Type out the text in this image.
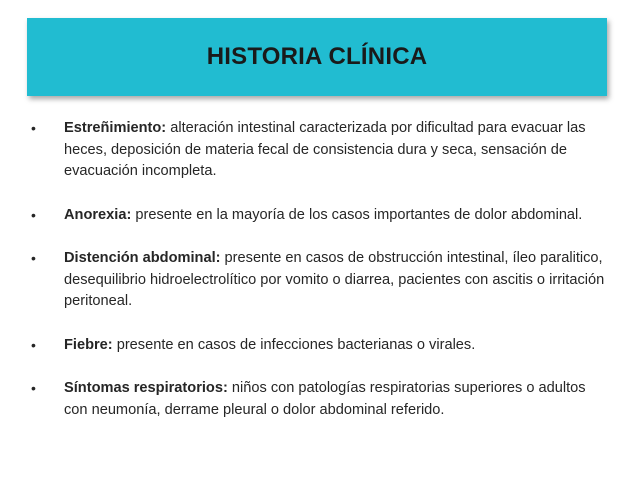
HISTORIA CLÍNICA
• Estreñimiento: alteración intestinal caracterizada por dificultad para evacuar las heces, deposición de materia fecal de consistencia dura y seca, sensación de evacuación incompleta.
• Anorexia: presente en la mayoría de los casos importantes de dolor abdominal.
• Distención abdominal: presente en casos de obstrucción intestinal, íleo paralitico, desequilibrio hidroelectrolítico por vomito o diarrea, pacientes con ascitis o irritación peritoneal.
• Fiebre: presente en casos de infecciones bacterianas o virales.
• Síntomas respiratorios: niños con patologías respiratorias superiores o adultos con neumonía, derrame pleural o dolor abdominal referido.
